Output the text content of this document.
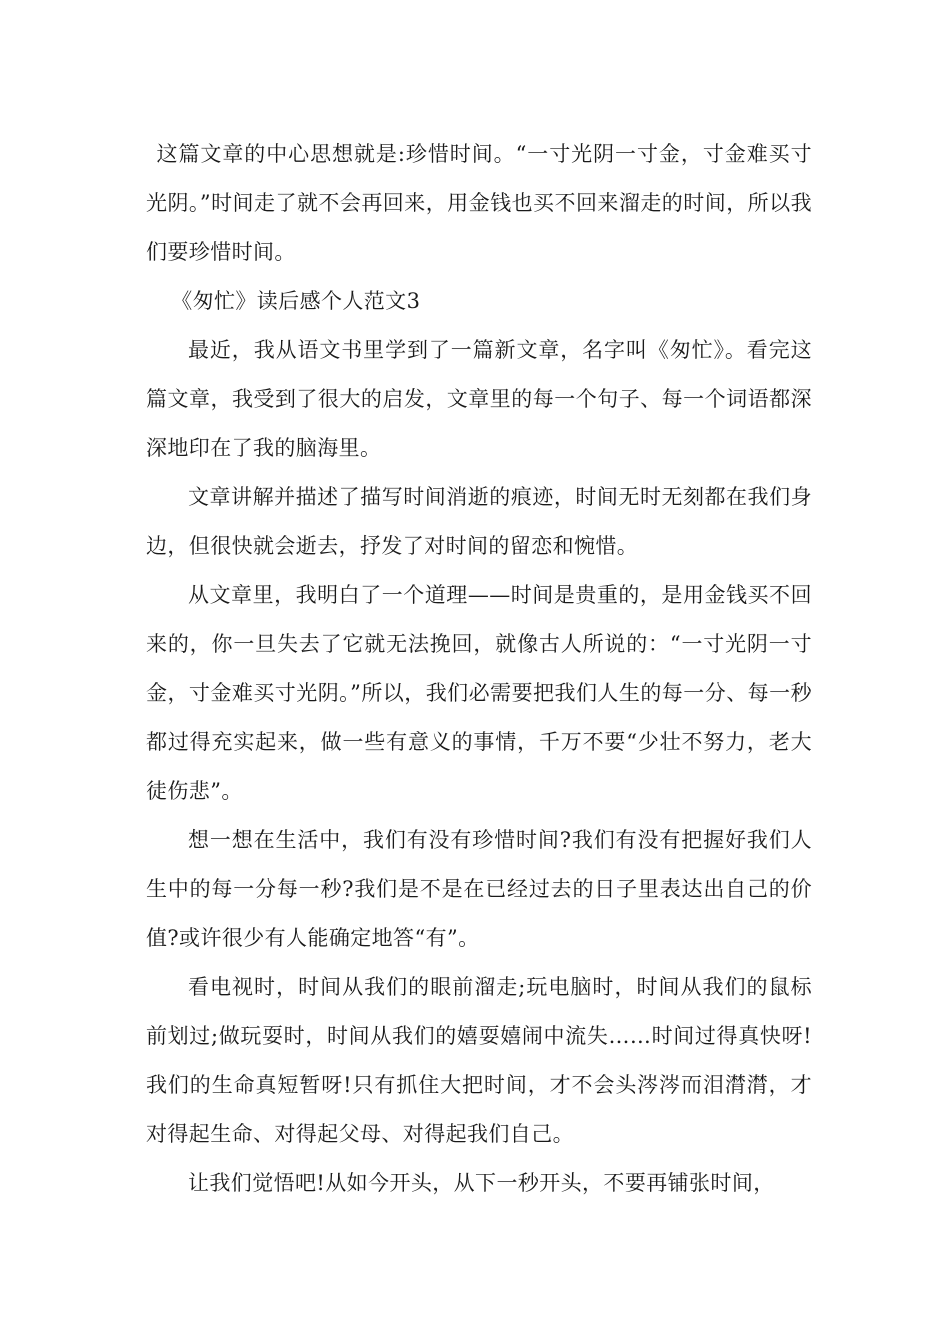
这篇文章的中心思想就是:珍惜时间。“一寸光阴一寸金，寸金难买寸光阴。”时间走了就不会再回来，用金钱也买不回来溜走的时间，所以我们要珍惜时间。

《匆忙》读后感个人范文3

最近，我从语文书里学到了一篇新文章，名字叫《匆忙》。看完这篇文章，我受到了很大的启发，文章里的每一个句子、每一个词语都深深地印在了我的脑海里。

文章讲解并描述了描写时间消逝的痕迹，时间无时无刻都在我们身边，但很快就会逝去，抒发了对时间的留恋和惋惜。

从文章里，我明白了一个道理——时间是贵重的，是用金钱买不回来的，你一旦失去了它就无法挽回，就像古人所说的：“一寸光阴一寸金，寸金难买寸光阴。”所以，我们必需要把我们人生的每一分、每一秒都过得充实起来，做一些有意义的事情，千万不要“少壮不努力，老大徒伤悲”。

想一想在生活中，我们有没有珍惜时间?我们有没有把握好我们人生中的每一分每一秒?我们是不是在已经过去的日子里表达出自己的价值?或许很少有人能确定地答“有”。

看电视时，时间从我们的眼前溜走;玩电脑时，时间从我们的鼠标前划过;做玩耍时，时间从我们的嬉耍嬉闹中流失……时间过得真快呀!我们的生命真短暂呀!只有抓住大把时间，才不会头涔涔而泪潸潸，才对得起生命、对得起父母、对得起我们自己。

让我们觉悟吧!从如今开头，从下一秒开头，不要再铺张时间，
